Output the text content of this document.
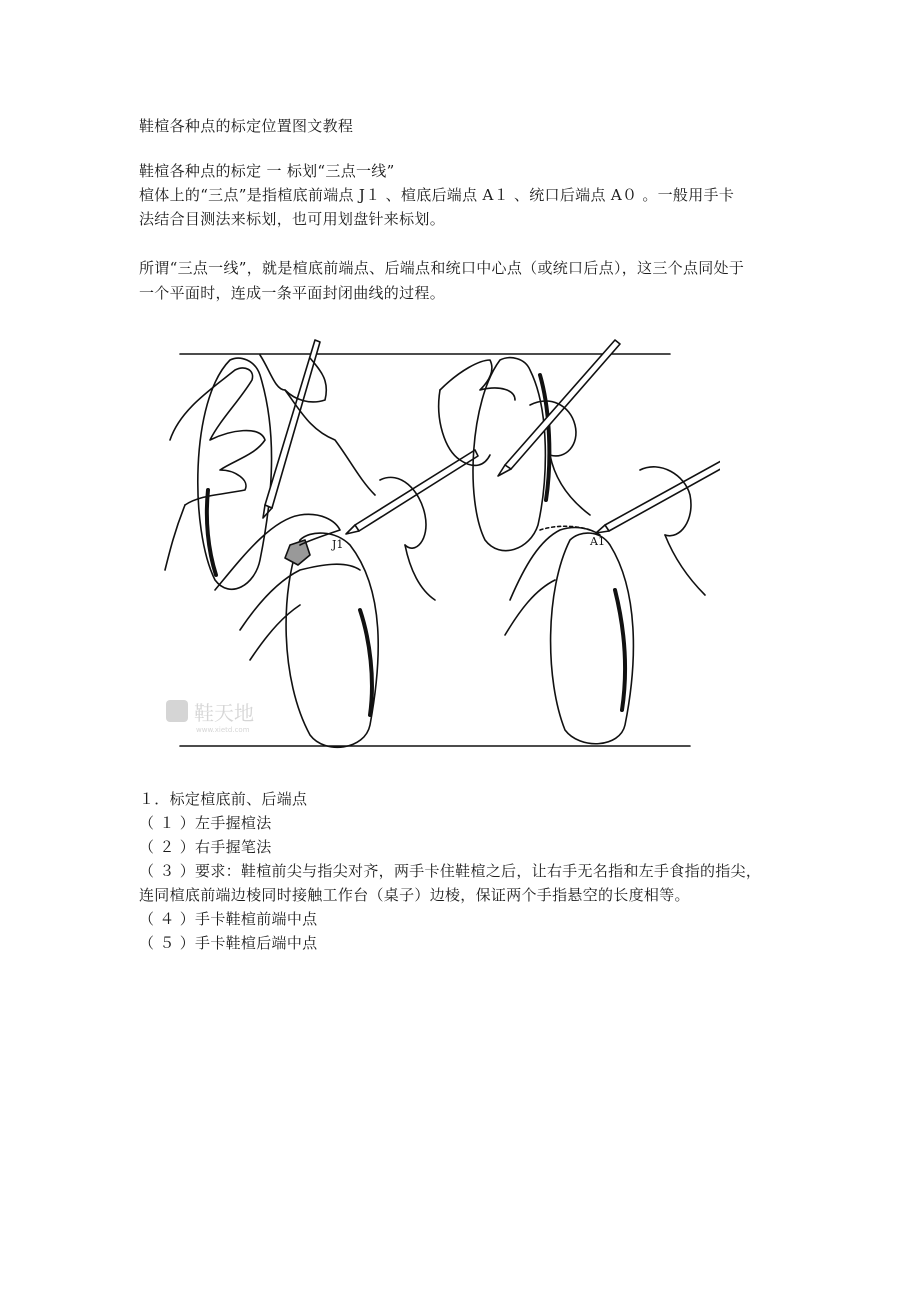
鞋楦各种点的标定位置图文教程
鞋楦各种点的标定 一 标划“三点一线”
楦体上的“三点”是指楦底前端点 J１ 、楦底后端点 A１ 、统口后端点 A０ 。一般用手卡
法结合目测法来标划，也可用划盘针来标划。
所谓“三点一线”，就是楦底前端点、后端点和统口中心点（或统口后点），这三个点同处于
一个平面时，连成一条平面封闭曲线的过程。
J1	A1
鞋天地
www.xietd.com
１．标定楦底前、后端点
（ １ ）左手握楦法
（ ２ ）右手握笔法
（ ３ ）要求：鞋楦前尖与指尖对齐，两手卡住鞋楦之后，让右手无名指和左手食指的指尖，
连同楦底前端边棱同时接触工作台（桌子）边棱，保证两个手指悬空的长度相等。
（ ４ ）手卡鞋楦前端中点
（ ５ ）手卡鞋楦后端中点
